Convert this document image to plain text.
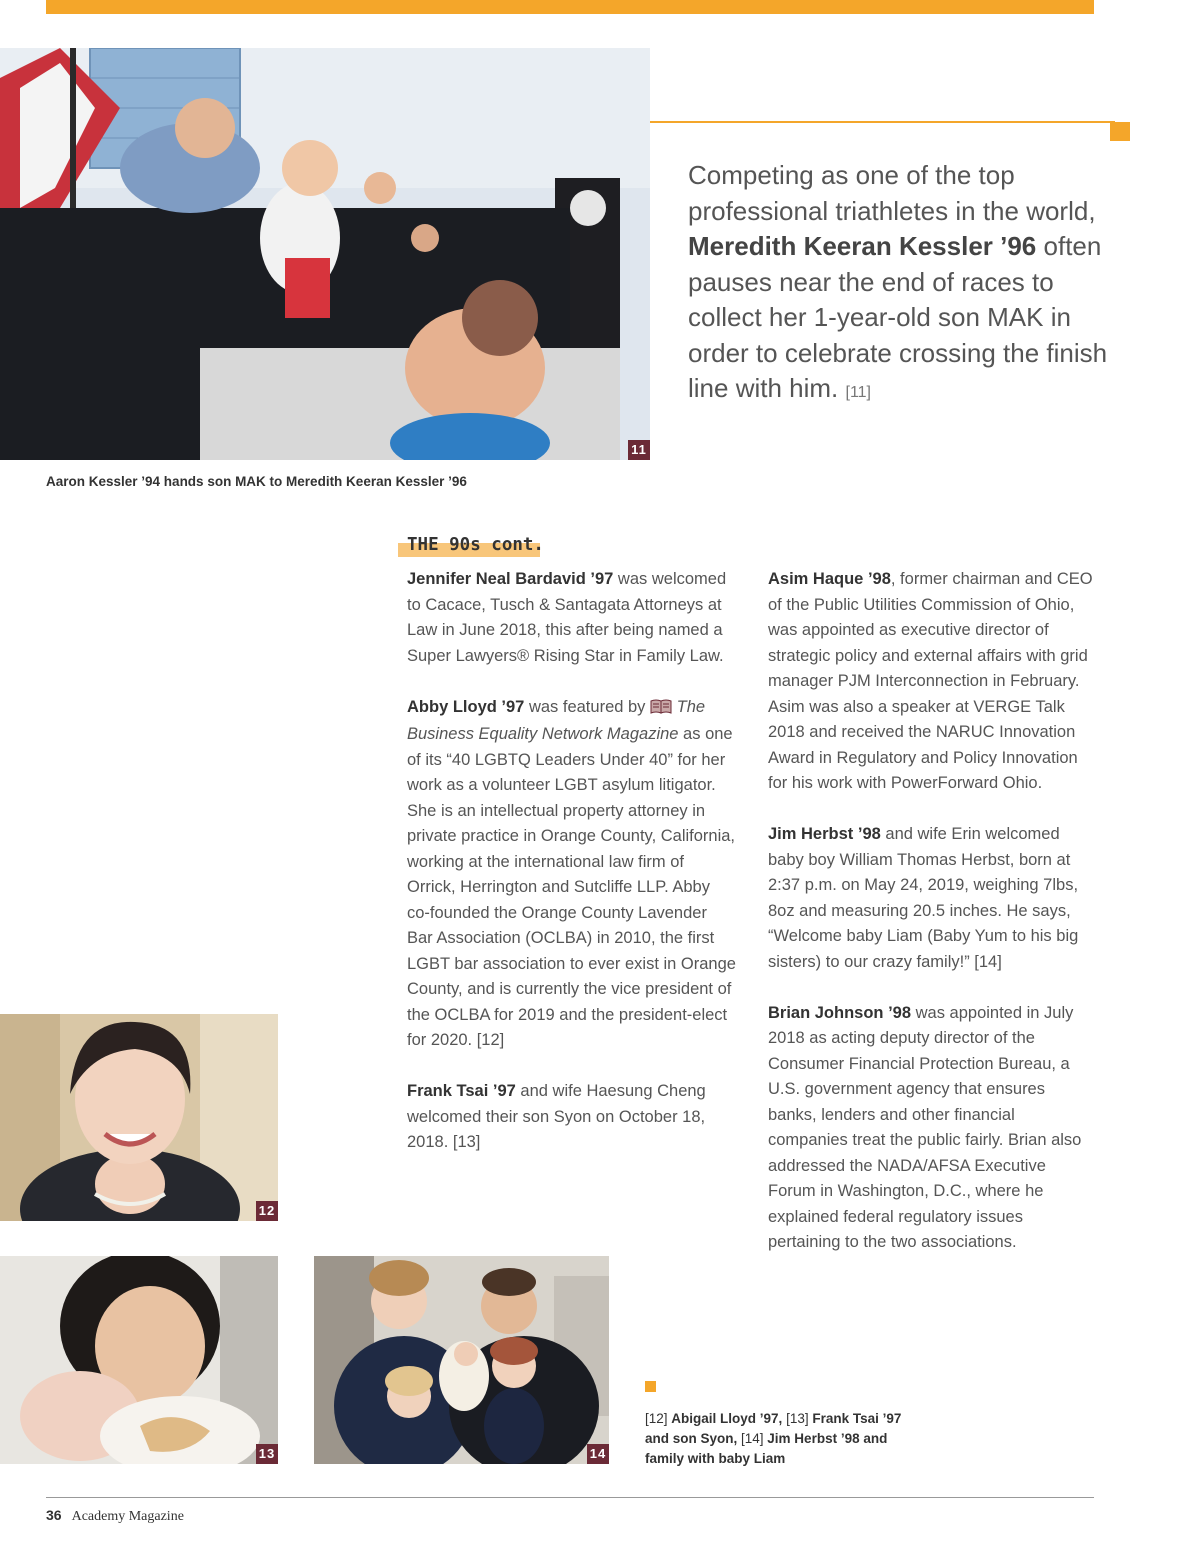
11

Competing as one of the top professional triathletes in the world, Meredith Keeran Kessler ’96 often pauses near the end of races to collect her 1-year-old son MAK in order to celebrate crossing the finish line with him. [11]

Aaron Kessler ’94 hands son MAK to Meredith Keeran Kessler ’96

THE 90s cont.

Jennifer Neal Bardavid ’97 was welcomed to Cacace, Tusch & Santagata Attorneys at Law in June 2018, this after being named a Super Lawyers® Rising Star in Family Law.

Abby Lloyd ’97 was featured by  The Business Equality Network Magazine as one of its “40 LGBTQ Leaders Under 40” for her work as a volunteer LGBT asylum litigator. She is an intellectual property attorney in private practice in Orange County, California, working at the international law firm of Orrick, Herrington and Sutcliffe LLP. Abby co-founded the Orange County Lavender Bar Association (OCLBA) in 2010, the first LGBT bar association to ever exist in Orange County, and is currently the vice president of the OCLBA for 2019 and the president-elect for 2020. [12]

Frank Tsai ’97 and wife Haesung Cheng welcomed their son Syon on October 18, 2018. [13]

Asim Haque ’98, former chairman and CEO of the Public Utilities Commission of Ohio, was appointed as executive director of strategic policy and external affairs with grid manager PJM Interconnection in February. Asim was also a speaker at VERGE Talk 2018 and received the NARUC Innovation Award in Regulatory and Policy Innovation for his work with PowerForward Ohio.

Jim Herbst ’98 and wife Erin welcomed baby boy William Thomas Herbst, born at 2:37 p.m. on May 24, 2019, weighing 7lbs, 8oz and measuring 20.5 inches. He says, “Welcome baby Liam (Baby Yum to his big sisters) to our crazy family!” [14]

Brian Johnson ’98 was appointed in July 2018 as acting deputy director of the Consumer Financial Protection Bureau, a U.S. government agency that ensures banks, lenders and other financial companies treat the public fairly. Brian also addressed the NADA/AFSA Executive Forum in Washington, D.C., where he explained federal regulatory issues pertaining to the two associations.

12
13	14

[12] Abigail Lloyd ’97, [13] Frank Tsai ’97 and son Syon, [14] Jim Herbst ’98 and family with baby Liam

36 Academy Magazine
